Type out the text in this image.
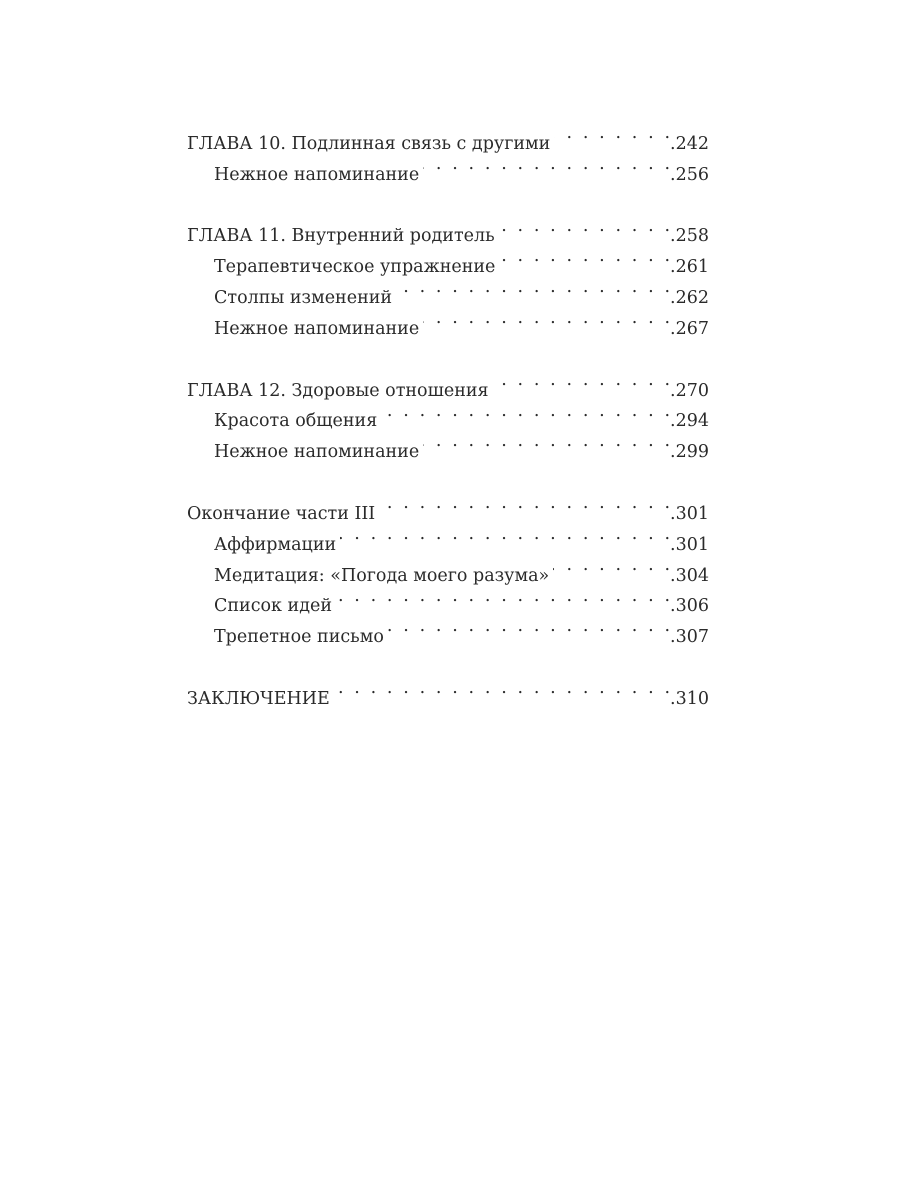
ГЛАВА 10. Подлинная связь с другими . . .	.242
Нежное напоминание . . .	.256
ГЛАВА 11. Внутренний родитель . . .	.258
Терапевтическое упражнение . . .	.261
Столпы изменений . . .	.262
Нежное напоминание . . .	.267
ГЛАВА 12. Здоровые отношения . . .	.270
Красота общения . . .	.294
Нежное напоминание . . .	.299
Окончание части III . . .	.301
Аффирмации . . .	.301
Медитация: «Погода моего разума» . . .	.304
Список идей . . .	.306
Трепетное письмо . . .	.307
ЗАКЛЮЧЕНИЕ . . .	.310
